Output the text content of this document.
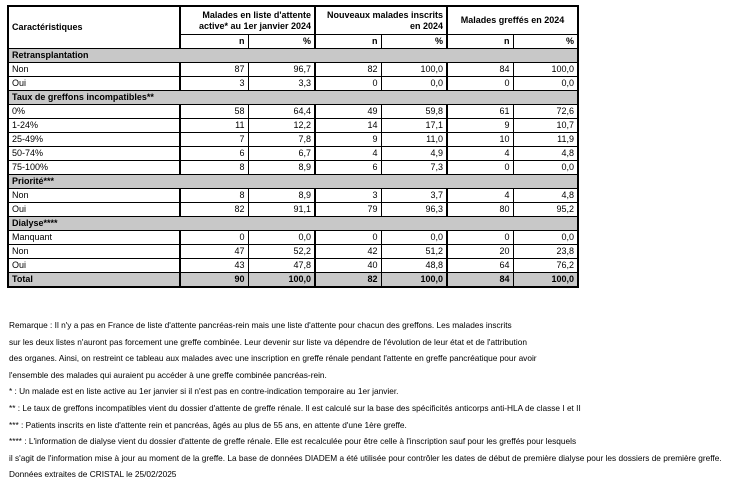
Caractéristiques	Malades en liste d'attente
active* au 1er janvier 2024		Nouveaux malades inscrits
en 2024		Malades greffés en 2024	
	n	%	n	%	n	%
Retransplantation						
Non	87	96,7	82	100,0	84	100,0
Oui	3	3,3	0	0,0	0	0,0
Taux de greffons incompatibles**						
0%	58	64,4	49	59,8	61	72,6
1-24%	11	12,2	14	17,1	9	10,7
25-49%	7	7,8	9	11,0	10	11,9
50-74%	6	6,7	4	4,9	4	4,8
75-100%	8	8,9	6	7,3	0	0,0
Priorité***						
Non	8	8,9	3	3,7	4	4,8
Oui	82	91,1	79	96,3	80	95,2
Dialyse****						
Manquant	0	0,0	0	0,0	0	0,0
Non	47	52,2	42	51,2	20	23,8
Oui	43	47,8	40	48,8	64	76,2
Total	90	100,0	82	100,0	84	100,0
Remarque : Il n'y a pas en France de liste d'attente pancréas-rein mais une liste d'attente pour chacun des greffons. Les malades inscrits
sur les deux listes n'auront pas forcement une greffe combinée. Leur devenir sur liste va dépendre de l'évolution de leur état et de l'attribution
des organes. Ainsi, on restreint ce tableau aux malades avec une inscription en greffe rénale pendant l'attente en greffe pancréatique pour avoir
l'ensemble des malades qui auraient pu accéder à une greffe combinée pancréas-rein.
* : Un malade est en liste active au 1er janvier si il n'est pas en contre-indication temporaire au 1er janvier.
** : Le taux de greffons incompatibles vient du dossier d'attente de greffe rénale. Il est calculé sur la base des spécificités anticorps anti-HLA de classe I et II
*** : Patients inscrits en liste d'attente rein et pancréas, âgés au plus de 55 ans, en attente d'une 1ère greffe.
**** : L'information de dialyse vient du dossier d'attente de greffe rénale. Elle est recalculée pour être celle à l'inscription sauf pour les greffés pour lesquels
il s'agit de l'information mise à jour au moment de la greffe. La base de données DIADEM a été utilisée pour contrôler les dates de début de première dialyse pour les dossiers de première greffe.
Données extraites de CRISTAL le 25/02/2025
